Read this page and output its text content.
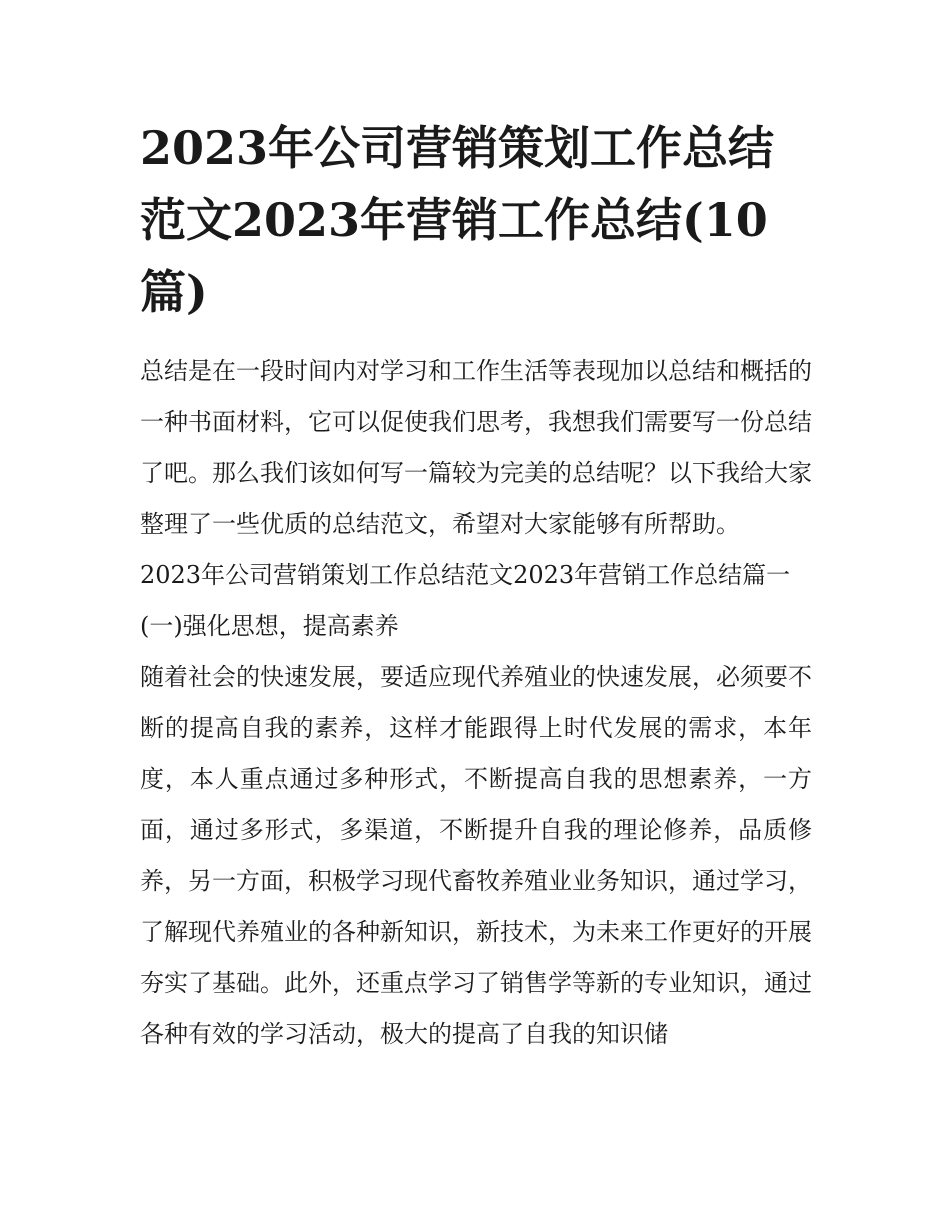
2023年公司营销策划工作总结范文2023年营销工作总结(10篇)

总结是在一段时间内对学习和工作生活等表现加以总结和概括的一种书面材料，它可以促使我们思考，我想我们需要写一份总结了吧。那么我们该如何写一篇较为完美的总结呢？以下我给大家整理了一些优质的总结范文，希望对大家能够有所帮助。

2023年公司营销策划工作总结范文2023年营销工作总结篇一

(一)强化思想，提高素养

随着社会的快速发展，要适应现代养殖业的快速发展，必须要不断的提高自我的素养，这样才能跟得上时代发展的需求，本年度，本人重点通过多种形式，不断提高自我的思想素养，一方面，通过多形式，多渠道，不断提升自我的理论修养，品质修养，另一方面，积极学习现代畜牧养殖业业务知识，通过学习，了解现代养殖业的各种新知识，新技术，为未来工作更好的开展夯实了基础。此外，还重点学习了销售学等新的专业知识，通过各种有效的学习活动，极大的提高了自我的知识储
